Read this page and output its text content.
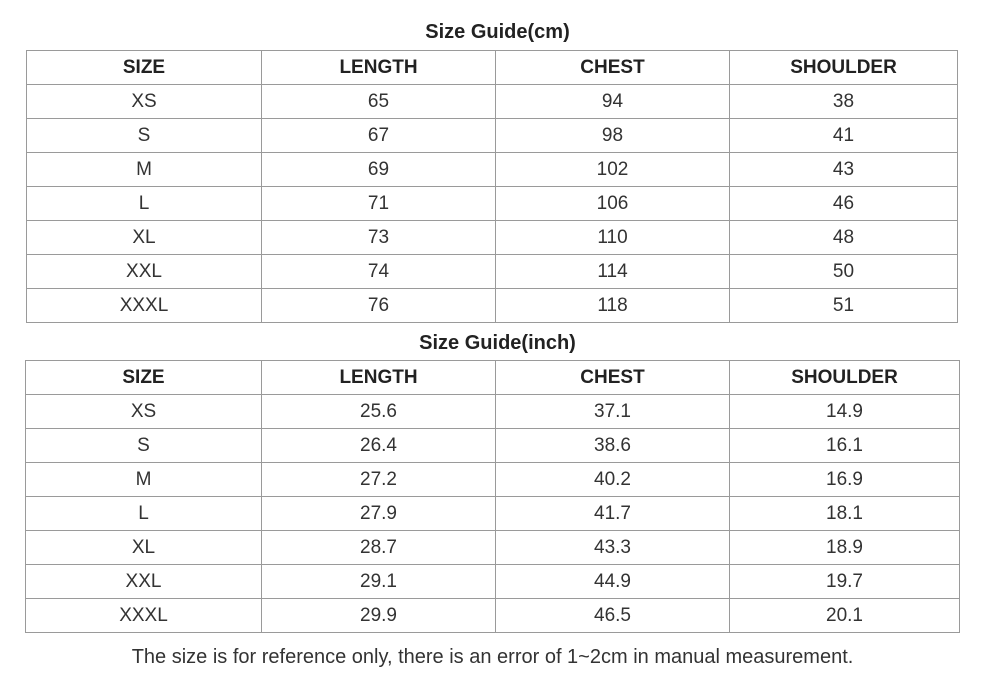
Size Guide(cm)
SIZE	LENGTH	CHEST	SHOULDER
XS	65	94	38
S	67	98	41
M	69	102	43
L	71	106	46
XL	73	110	48
XXL	74	114	50
XXXL	76	118	51
Size Guide(inch)
SIZE	LENGTH	CHEST	SHOULDER
XS	25.6	37.1	14.9
S	26.4	38.6	16.1
M	27.2	40.2	16.9
L	27.9	41.7	18.1
XL	28.7	43.3	18.9
XXL	29.1	44.9	19.7
XXXL	29.9	46.5	20.1
The size is for reference only, there is an error of 1~2cm in manual measurement.
